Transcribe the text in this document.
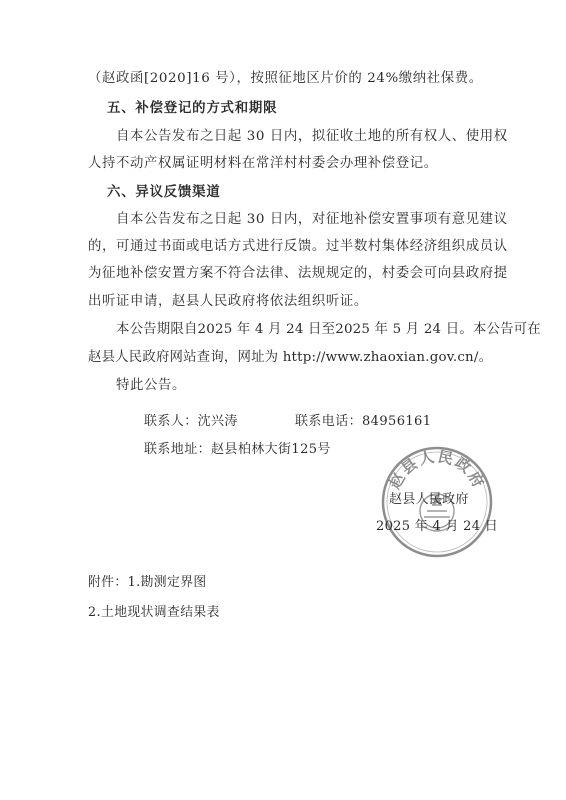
（赵政函[2020]16 号），按照征地区片价的 24%缴纳社保费。
五、补偿登记的方式和期限
自本公告发布之日起 30 日内，拟征收土地的所有权人、使用权
人持不动产权属证明材料在常洋村村委会办理补偿登记。
六、异议反馈渠道
自本公告发布之日起 30 日内，对征地补偿安置事项有意见建议
的，可通过书面或电话方式进行反馈。过半数村集体经济组织成员认
为征地补偿安置方案不符合法律、法规规定的，村委会可向县政府提
出听证申请，赵县人民政府将依法组织听证。
本公告期限自2025 年 4 月 24 日至2025 年 5 月 24 日。本公告可在
赵县人民政府网站查询，网址为 http://www.zhaoxian.gov.cn/。
特此公告。
联系人：沈兴涛	联系电话：84956161
联系地址：赵县柏林大街125号
赵县人民政府
赵县人民政府
2025 年 4 月 24 日
附件：1.勘测定界图
2.土地现状调查结果表
